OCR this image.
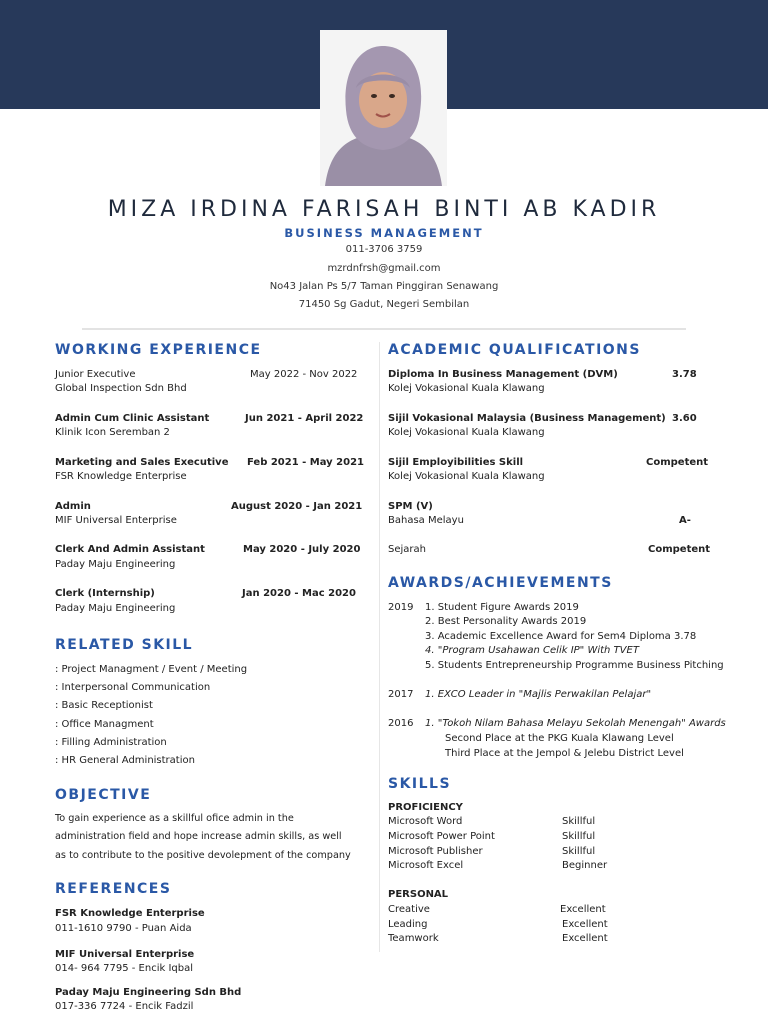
MIZA IRDINA FARISAH BINTI AB KADIR
BUSINESS MANAGEMENT
011-3706 3759
mzrdnfrsh@gmail.com
No43 Jalan Ps 5/7 Taman Pinggiran Senawang
71450 Sg Gadut, Negeri Sembilan
WORKING EXPERIENCE
Junior Executive	May 2022 - Nov 2022
Global Inspection Sdn Bhd
Admin Cum Clinic Assistant	Jun 2021 - April 2022
Klinik Icon Seremban 2
Marketing and Sales Executive Feb 2021 - May 2021
FSR Knowledge Enterprise
Admin	August 2020 - Jan 2021
MIF Universal Enterprise
Clerk And Admin Assistant	May 2020 - July 2020
Paday Maju Engineering
Clerk (Internship)	Jan 2020 - Mac 2020
Paday Maju Engineering
RELATED SKILL
: Project Managment / Event / Meeting
: Interpersonal Communication
: Basic Receptionist
: Office Managment
: Filling Administration
: HR General Administration
OBJECTIVE
To gain experience as a skillful ofice admin in the
administration field and hope increase admin skills, as well
as to contribute to the positive devolepment of the company
REFERENCES
FSR Knowledge Enterprise
011-1610 9790 - Puan Aida
MIF Universal Enterprise
014- 964 7795 - Encik Iqbal
Paday Maju Engineering Sdn Bhd
017-336 7724 - Encik Fadzil
ACADEMIC QUALIFICATIONS
Diploma In Business Management (DVM)	3.78
Kolej Vokasional Kuala Klawang
Sijil Vokasional Malaysia (Business Management) 3.60
Kolej Vokasional Kuala Klawang
Sijil Employibilities Skill	Competent
Kolej Vokasional Kuala Klawang
SPM (V)
Bahasa Melayu	A-
Sejarah	Competent
AWARDS/ACHIEVEMENTS
2019 1. Student Figure Awards 2019
2. Best Personality Awards 2019
3. Academic Excellence Award for Sem4 Diploma 3.78
4. "Program Usahawan Celik IP" With TVET
5. Students Entrepreneurship Programme Business Pitching
2017 1. EXCO Leader in "Majlis Perwakilan Pelajar"
2016 1. "Tokoh Nilam Bahasa Melayu Sekolah Menengah" Awards
Second Place at the PKG Kuala Klawang Level
Third Place at the Jempol & Jelebu District Level
SKILLS
PROFICIENCY
Microsoft Word	Skillful
Microsoft Power Point	Skillful
Microsoft Publisher	Skillful
Microsoft Excel	Beginner
PERSONAL
Creative	Excellent
Leading	Excellent
Teamwork	Excellent
